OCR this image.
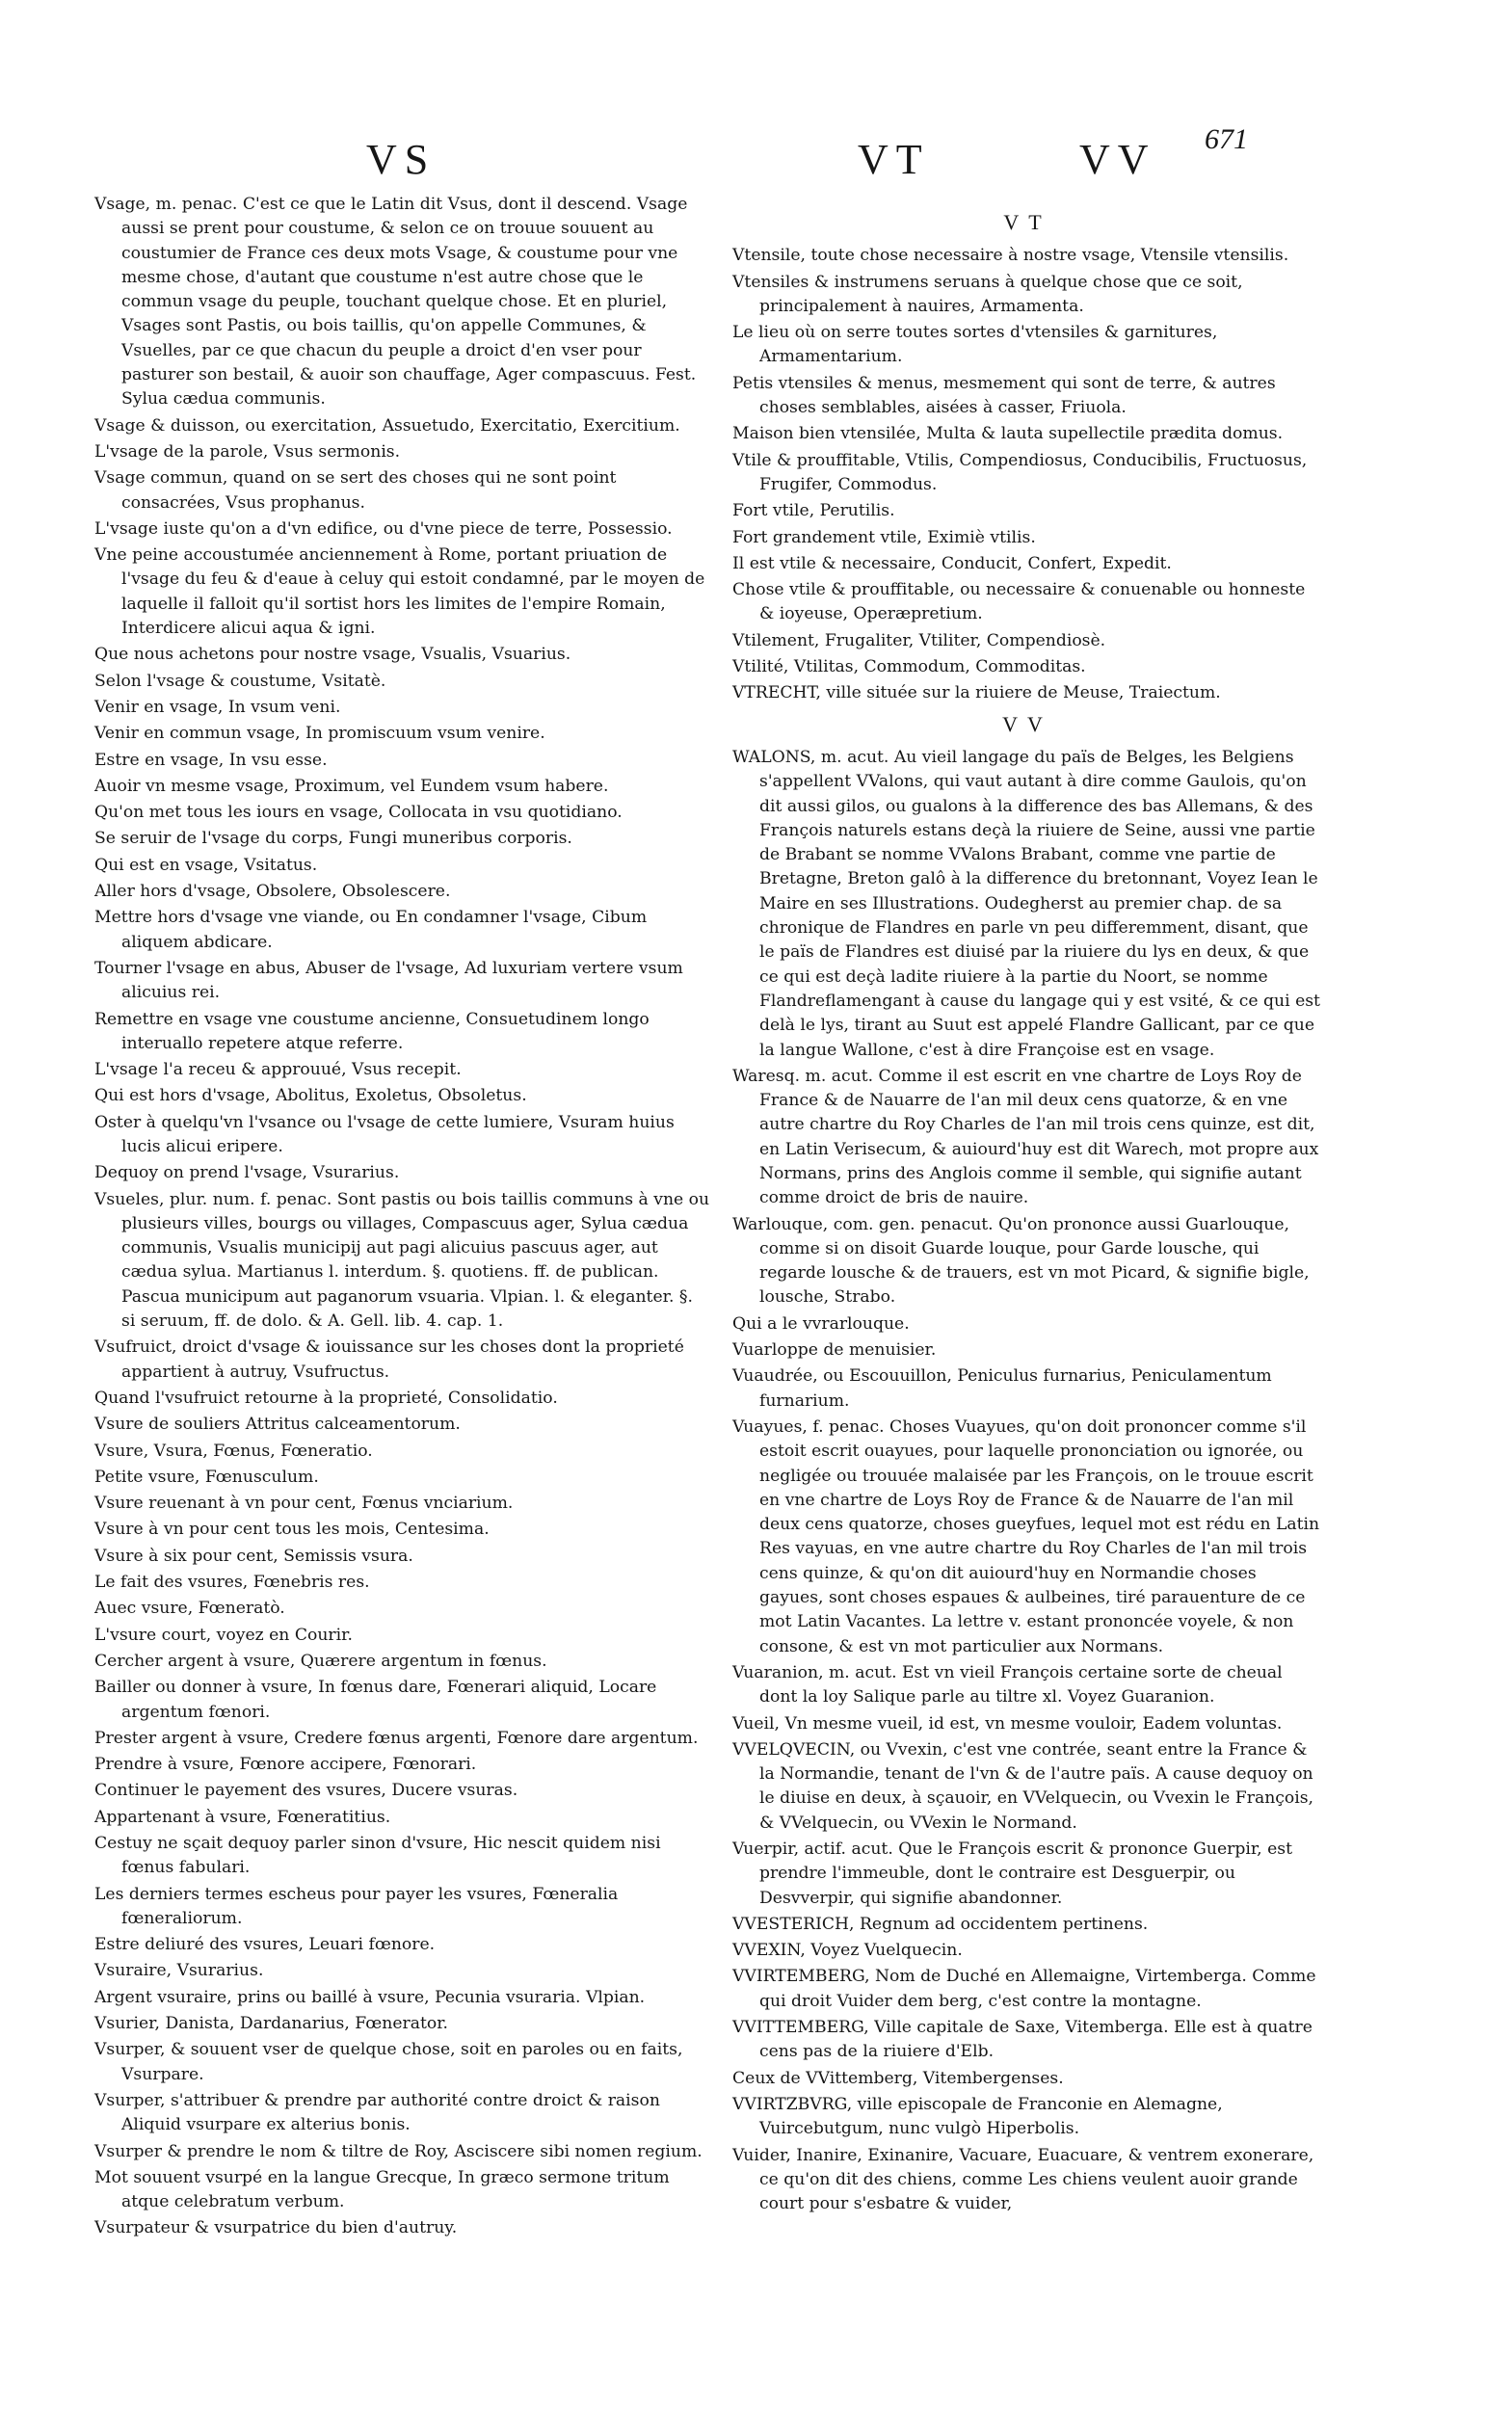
VS	VT	VV 671

Vsage, m. penac. C'est ce que le Latin dit Vsus, dont il descend. Vsage aussi se prent pour coustume, & selon ce on trouue souuent au coustumier de France ces deux mots Vsage, & coustume pour vne mesme chose, d'autant que coustume n'est autre chose que le commun vsage du peuple, touchant quelque chose. Et en pluriel, Vsages sont Pastis, ou bois taillis, qu'on appelle Communes, & Vsuelles, par ce que chacun du peuple a droict d'en vser pour pasturer son bestail, & auoir son chauffage, Ager compascuus. Fest. Sylua cædua communis.

Vsage & duisson, ou exercitation, Assuetudo, Exercitatio, Exercitium.

L'vsage de la parole, Vsus sermonis.

Vsage commun, quand on se sert des choses qui ne sont point consacrées, Vsus prophanus.

L'vsage iuste qu'on a d'vn edifice, ou d'vne piece de terre, Possessio.

Vne peine accoustumée anciennement à Rome, portant priuation de l'vsage du feu & d'eaue à celuy qui estoit condamné, par le moyen de laquelle il falloit qu'il sortist hors les limites de l'empire Romain, Interdicere alicui aqua & igni.

Que nous achetons pour nostre vsage, Vsualis, Vsuarius.

Selon l'vsage & coustume, Vsitatè.

Venir en vsage, In vsum veni.

Venir en commun vsage, In promiscuum vsum venire.

Estre en vsage, In vsu esse.

Auoir vn mesme vsage, Proximum, vel Eundem vsum habere.

Qu'on met tous les iours en vsage, Collocata in vsu quotidiano.

Se seruir de l'vsage du corps, Fungi muneribus corporis.

Qui est en vsage, Vsitatus.

Aller hors d'vsage, Obsolere, Obsolescere.

Mettre hors d'vsage vne viande, ou En condamner l'vsage, Cibum aliquem abdicare.

Tourner l'vsage en abus, Abuser de l'vsage, Ad luxuriam vertere vsum alicuius rei.

Remettre en vsage vne coustume ancienne, Consuetudinem longo interuallo repetere atque referre.

L'vsage l'a receu & approuué, Vsus recepit.

Qui est hors d'vsage, Abolitus, Exoletus, Obsoletus.

Oster à quelqu'vn l'vsance ou l'vsage de cette lumiere, Vsuram huius lucis alicui eripere.

Dequoy on prend l'vsage, Vsurarius.

Vsueles, plur. num. f. penac. Sont pastis ou bois taillis communs à vne ou plusieurs villes, bourgs ou villages, Compascuus ager, Sylua cædua communis, Vsualis municipij aut pagi alicuius pascuus ager, aut cædua sylua. Martianus l. interdum. §. quotiens. ff. de publican. Pascua municipum aut paganorum vsuaria. Vlpian. l. & eleganter. §. si seruum, ff. de dolo. & A. Gell. lib. 4. cap. 1.

Vsufruict, droict d'vsage & iouissance sur les choses dont la proprieté appartient à autruy, Vsufructus.

Quand l'vsufruict retourne à la proprieté, Consolidatio.

Vsure de souliers Attritus calceamentorum.

Vsure, Vsura, Fœnus, Fœneratio.

Petite vsure, Fœnusculum.

Vsure reuenant à vn pour cent, Fœnus vnciarium.

Vsure à vn pour cent tous les mois, Centesima.

Vsure à six pour cent, Semissis vsura.

Le fait des vsures, Fœnebris res.

Auec vsure, Fœneratò.

L'vsure court, voyez en Courir.

Cercher argent à vsure, Quærere argentum in fœnus.

Bailler ou donner à vsure, In fœnus dare, Fœnerari aliquid, Locare argentum fœnori.

Prester argent à vsure, Credere fœnus argenti, Fœnore dare argentum.

Prendre à vsure, Fœnore accipere, Fœnorari.

Continuer le payement des vsures, Ducere vsuras.

Appartenant à vsure, Fœneratitius.

Cestuy ne sçait dequoy parler sinon d'vsure, Hic nescit quidem nisi fœnus fabulari.

Les derniers termes escheus pour payer les vsures, Fœneralia fœneraliorum.

Estre deliuré des vsures, Leuari fœnore.

Vsuraire, Vsurarius.

Argent vsuraire, prins ou baillé à vsure, Pecunia vsuraria. Vlpian.

Vsurier, Danista, Dardanarius, Fœnerator.

Vsurper, & souuent vser de quelque chose, soit en paroles ou en faits, Vsurpare.

Vsurper, s'attribuer & prendre par authorité contre droict & raison Aliquid vsurpare ex alterius bonis.

Vsurper & prendre le nom & tiltre de Roy, Asciscere sibi nomen regium.

Mot souuent vsurpé en la langue Grecque, In græco sermone tritum atque celebratum verbum.

Vsurpateur & vsurpatrice du bien d'autruy.

VT

Vtensile, toute chose necessaire à nostre vsage, Vtensile vtensilis.

Vtensiles & instrumens seruans à quelque chose que ce soit, principalement à nauires, Armamenta.

Le lieu où on serre toutes sortes d'vtensiles & garnitures, Armamentarium.

Petis vtensiles & menus, mesmement qui sont de terre, & autres choses semblables, aisées à casser, Friuola.

Maison bien vtensilée, Multa & lauta supellectile prædita domus.

Vtile & prouffitable, Vtilis, Compendiosus, Conducibilis, Fructuosus, Frugifer, Commodus.

Fort vtile, Perutilis.

Fort grandement vtile, Eximiè vtilis.

Il est vtile & necessaire, Conducit, Confert, Expedit.

Chose vtile & prouffitable, ou necessaire & conuenable ou honneste & ioyeuse, Operæpretium.

Vtilement, Frugaliter, Vtiliter, Compendiosè.

Vtilité, Vtilitas, Commodum, Commoditas.

VTRECHT, ville située sur la riuiere de Meuse, Traiectum.

VV

WALONS, m. acut. Au vieil langage du païs de Belges, les Belgiens s'appellent VValons, qui vaut autant à dire comme Gaulois, qu'on dit aussi gilos, ou gualons à la difference des bas Allemans, & des François naturels estans deçà la riuiere de Seine, aussi vne partie de Brabant se nomme VValons Brabant, comme vne partie de Bretagne, Breton galô à la difference du bretonnant, Voyez Iean le Maire en ses Illustrations. Oudegherst au premier chap. de sa chronique de Flandres en parle vn peu differemment, disant, que le païs de Flandres est diuisé par la riuiere du lys en deux, & que ce qui est deçà ladite riuiere à la partie du Noort, se nomme Flandreflamengant à cause du langage qui y est vsité, & ce qui est delà le lys, tirant au Suut est appelé Flandre Gallicant, par ce que la langue Wallone, c'est à dire Françoise est en vsage.

Waresq. m. acut. Comme il est escrit en vne chartre de Loys Roy de France & de Nauarre de l'an mil deux cens quatorze, & en vne autre chartre du Roy Charles de l'an mil trois cens quinze, est dit, en Latin Verisecum, & auiourd'huy est dit Warech, mot propre aux Normans, prins des Anglois comme il semble, qui signifie autant comme droict de bris de nauire.

Warlouque, com. gen. penacut. Qu'on prononce aussi Guarlouque, comme si on disoit Guarde louque, pour Garde lousche, qui regarde lousche & de trauers, est vn mot Picard, & signifie bigle, lousche, Strabo.

Qui a le vvrarlouque.

Vuarloppe de menuisier.

Vuaudrée, ou Escouuillon, Peniculus furnarius, Peniculamentum furnarium.

Vuayues, f. penac. Choses Vuayues, qu'on doit prononcer comme s'il estoit escrit ouayues, pour laquelle prononciation ou ignorée, ou negligée ou trouuée malaisée par les François, on le trouue escrit en vne chartre de Loys Roy de France & de Nauarre de l'an mil deux cens quatorze, choses gueyfues, lequel mot est rédu en Latin Res vayuas, en vne autre chartre du Roy Charles de l'an mil trois cens quinze, & qu'on dit auiourd'huy en Normandie choses gayues, sont choses espaues & aulbeines, tiré parauenture de ce mot Latin Vacantes. La lettre v. estant prononcée voyele, & non consone, & est vn mot particulier aux Normans.

Vuaranion, m. acut. Est vn vieil François certaine sorte de cheual dont la loy Salique parle au tiltre xl. Voyez Guaranion.

Vueil, Vn mesme vueil, id est, vn mesme vouloir, Eadem voluntas.

VVELQVECIN, ou Vvexin, c'est vne contrée, seant entre la France & la Normandie, tenant de l'vn & de l'autre païs. A cause dequoy on le diuise en deux, à sçauoir, en VVelquecin, ou Vvexin le François, & VVelquecin, ou VVexin le Normand.

Vuerpir, actif. acut. Que le François escrit & prononce Guerpir, est prendre l'immeuble, dont le contraire est Desguerpir, ou Desvverpir, qui signifie abandonner.

VVESTERICH, Regnum ad occidentem pertinens.

VVEXIN, Voyez Vuelquecin.

VVIRTEMBERG, Nom de Duché en Allemaigne, Virtemberga. Comme qui droit Vuider dem berg, c'est contre la montagne.

VVITTEMBERG, Ville capitale de Saxe, Vitemberga. Elle est à quatre cens pas de la riuiere d'Elb.

Ceux de VVittemberg, Vitembergenses.

VVIRTZBVRG, ville episcopale de Franconie en Alemagne, Vuircebutgum, nunc vulgò Hiperbolis.

Vuider, Inanire, Exinanire, Vacuare, Euacuare, & ventrem exonerare, ce qu'on dit des chiens, comme Les chiens veulent auoir grande court pour s'esbatre & vuider,
